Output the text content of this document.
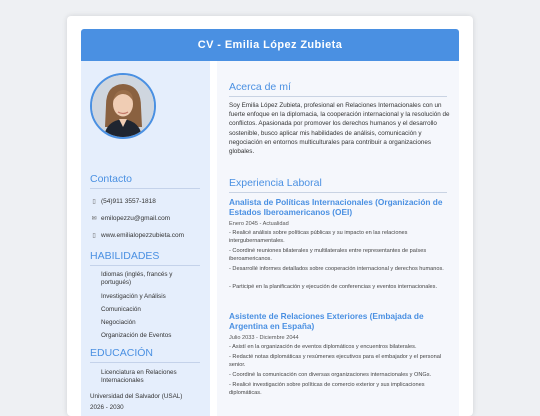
CV - Emilia López Zubieta
Contacto
▯ (54)911 3557-1818
✉ emilopezzu@gmail.com
▯ www.emilialopezzubieta.com
HABILIDADES
Idiomas (inglés, francés y portugués)
Investigación y Análisis
Comunicación
Negociación
Organización de Eventos
EDUCACIÓN
Licenciatura en Relaciones Internacionales
Universidad del Salvador (USAL)
2026 - 2030
Acerca de mí
Soy Emilia López Zubieta, profesional en Relaciones Internacionales con un fuerte enfoque en la diplomacia, la cooperación internacional y la resolución de conflictos. Apasionada por promover los derechos humanos y el desarrollo sostenible, busco aplicar mis habilidades de análisis, comunicación y negociación en entornos multiculturales para contribuir a organizaciones globales.
Experiencia Laboral
Analista de Políticas Internacionales (Organización de Estados Iberoamericanos (OEI)
Enero 2045 - Actualidad
- Realicé análisis sobre políticas públicas y su impacto en las relaciones intergubernamentales.
- Coordiné reuniones bilaterales y multilaterales entre representantes de países iberoamericanos.
- Desarrollé informes detallados sobre cooperación internacional y derechos humanos.
- Participé en la planificación y ejecución de conferencias y eventos internacionales.
Asistente de Relaciones Exteriores (Embajada de Argentina en España)
Julio 2033 - Diciembre 2044
- Asistí en la organización de eventos diplomáticos y encuentros bilaterales.
- Redacté notas diplomáticas y resúmenes ejecutivos para el embajador y el personal senior.
- Coordiné la comunicación con diversas organizaciones internacionales y ONGs.
- Realicé investigación sobre políticas de comercio exterior y sus implicaciones diplomáticas.
